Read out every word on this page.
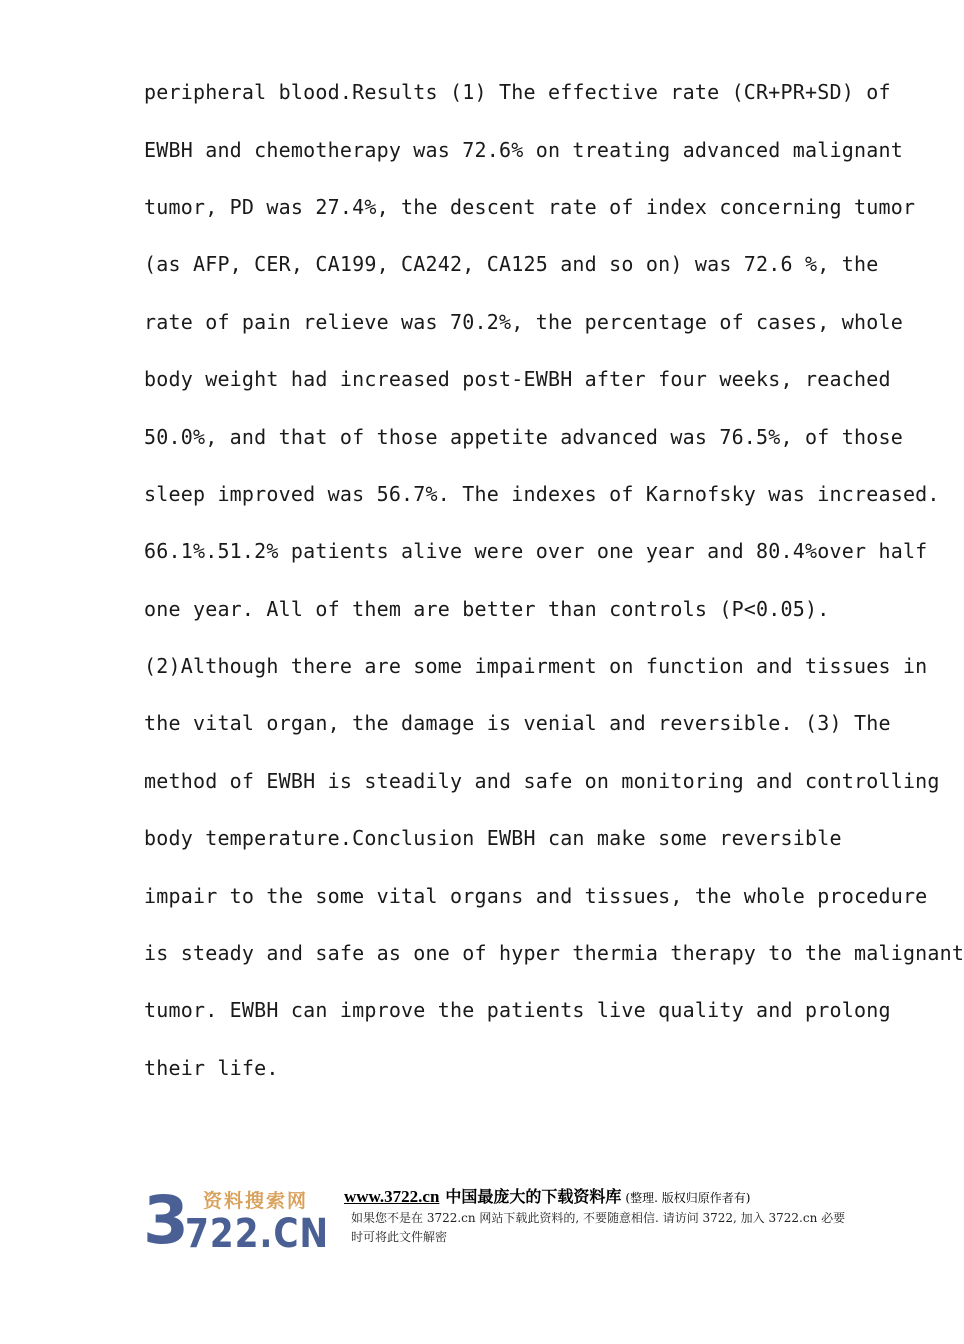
peripheral blood.Results (1) The effective rate (CR+PR+SD) of
EWBH and chemotherapy was 72.6% on treating advanced malignant
tumor, PD was 27.4%, the descent rate of index concerning tumor
(as AFP, CER, CA199, CA242, CA125 and so on) was 72.6 %, the
rate of pain relieve was 70.2%, the percentage of cases, whole
body weight had increased post-EWBH after four weeks, reached
50.0%, and that of those appetite advanced was 76.5%, of those
sleep improved was 56.7%. The indexes of Karnofsky was increased.
66.1%.51.2% patients alive were over one year and 80.4%over half
one year. All of them are better than controls (P<0.05).
(2)Although there are some impairment on function and tissues in
the vital organ, the damage is venial and reversible. (3) The
method of EWBH is steadily and safe on monitoring and controlling
body temperature.Conclusion EWBH can make some reversible
impair to the some vital organs and tissues, the whole procedure
is steady and safe as one of hyper thermia therapy to the malignant
tumor. EWBH can improve the patients live quality and prolong
their life.
3 资料搜索网
722.CN
www.3722.cn 中国最庞大的下载资料库 (整理. 版权归原作者有)
如果您不是在 3722.cn 网站下载此资料的, 不要随意相信. 请访问 3722, 加入 3722.cn 必要时可将此文件解密
